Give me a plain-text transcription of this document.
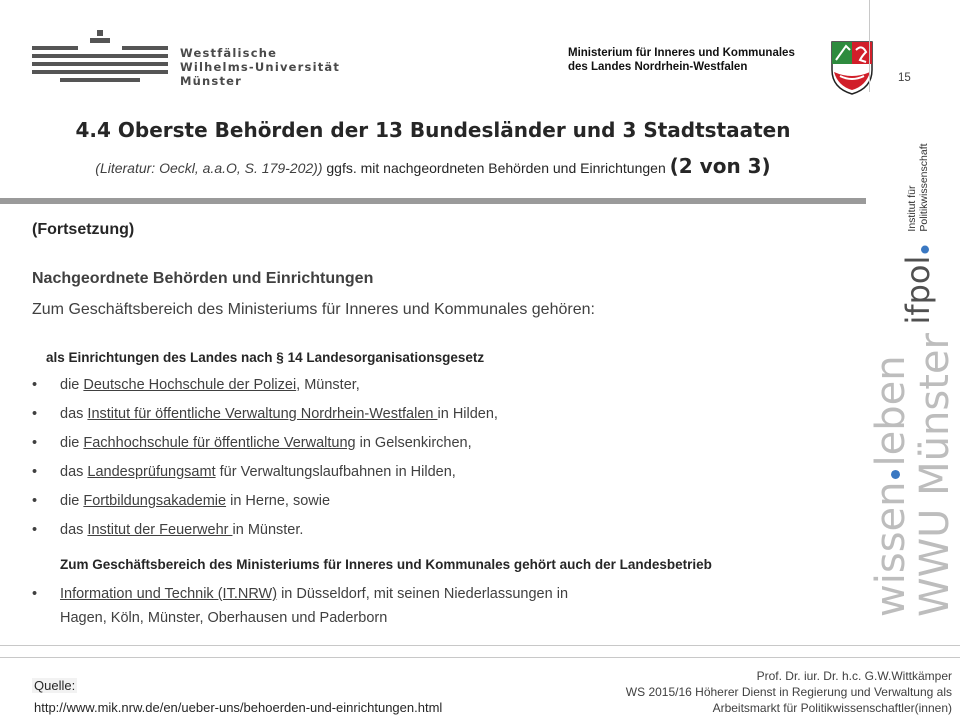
Westfälische
Wilhelms-Universität
Münster
Ministerium für Inneres und Kommunales
des Landes Nordrhein-Westfalen
15
4.4 Oberste Behörden der 13 Bundesländer und 3 Stadtstaaten
(Literatur: Oeckl, a.a.O, S. 179-202)) ggfs. mit nachgeordneten Behörden und Einrichtungen (2 von 3)
(Fortsetzung)
Nachgeordnete Behörden und Einrichtungen
Zum Geschäftsbereich des Ministeriums für Inneres und Kommunales gehören:
als Einrichtungen des Landes nach § 14 Landesorganisationsgesetz
• die Deutsche Hochschule der Polizei, Münster,
• das Institut für öffentliche Verwaltung Nordrhein-Westfalen in Hilden,
• die Fachhochschule für öffentliche Verwaltung in Gelsenkirchen,
• das Landesprüfungsamt für Verwaltungslaufbahnen in Hilden,
• die Fortbildungsakademie in Herne, sowie
• das Institut der Feuerwehr in Münster.
Zum Geschäftsbereich des Ministeriums für Inneres und Kommunales gehört auch der Landesbetrieb
• Information und Technik (IT.NRW) in Düsseldorf, mit seinen Niederlassungen in
Hagen, Köln, Münster, Oberhausen und Paderborn
Quelle:
http://www.mik.nrw.de/en/ueber-uns/behoerden-und-einrichtungen.html
Prof. Dr. iur. Dr. h.c. G.W.Wittkämper
WS 2015/16 Höherer Dienst in Regierung und Verwaltung als
Arbeitsmarkt für Politikwissenschaftler(innen)
ifpol
Institut für Politikwissenschaft
wissenleben
WWU Münster
